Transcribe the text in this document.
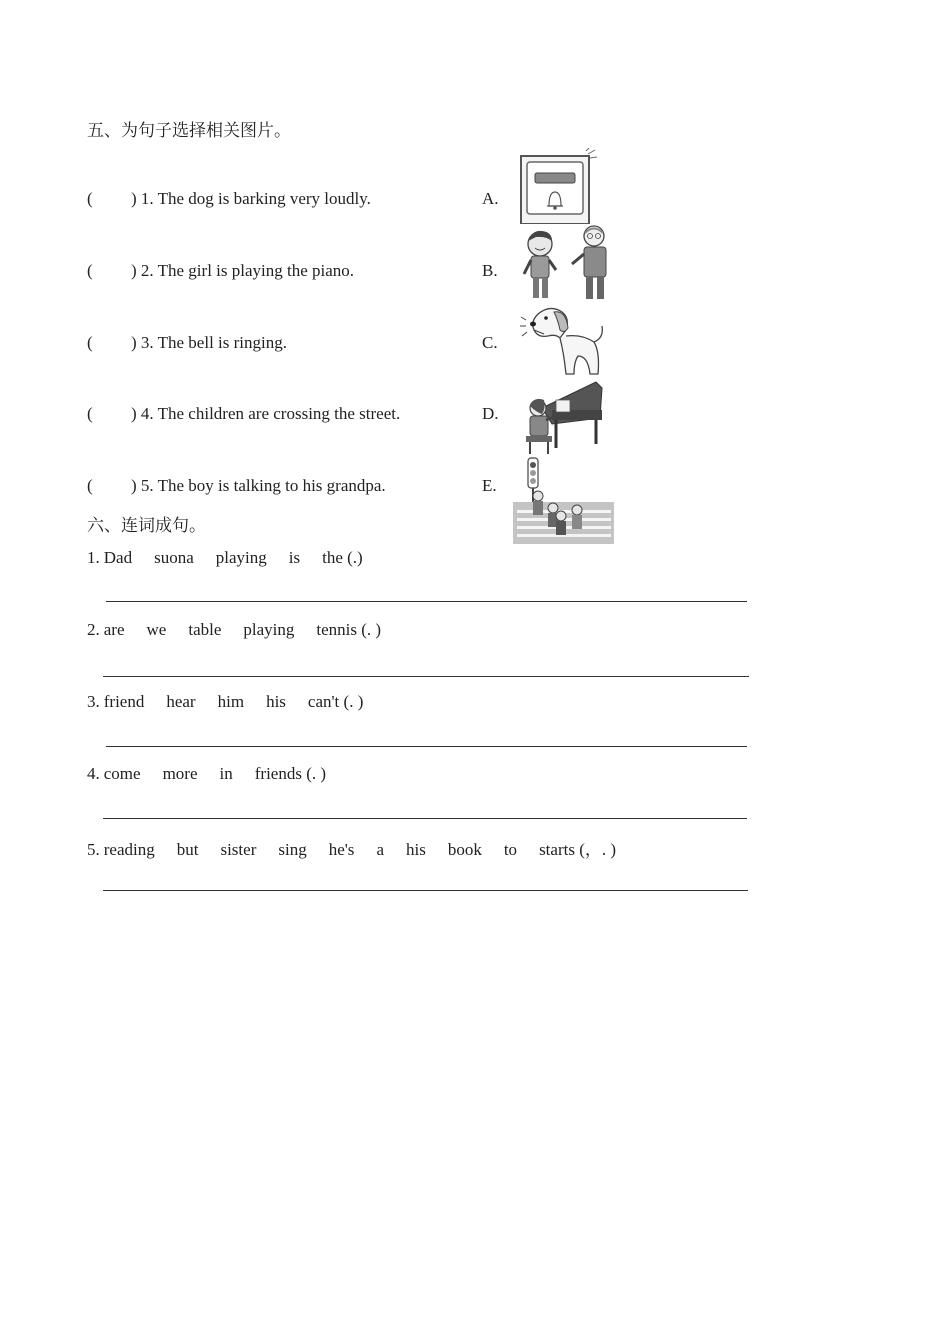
五、为句子选择相关图片。
( ) 1. The dog is barking very loudly.
( ) 2. The girl is playing the piano.
( ) 3. The bell is ringing.
( ) 4. The children are crossing the street.
( ) 5. The boy is talking to his grandpa.
A.
B.
C.
D.
E.
六、连词成句。
1. Dad suona playing is the (.)
2. are we table playing tennis (. )
3. friend hear him his can't (. )
4. come more in friends (. )
5. reading but sister sing he's a his book to starts (，. )
